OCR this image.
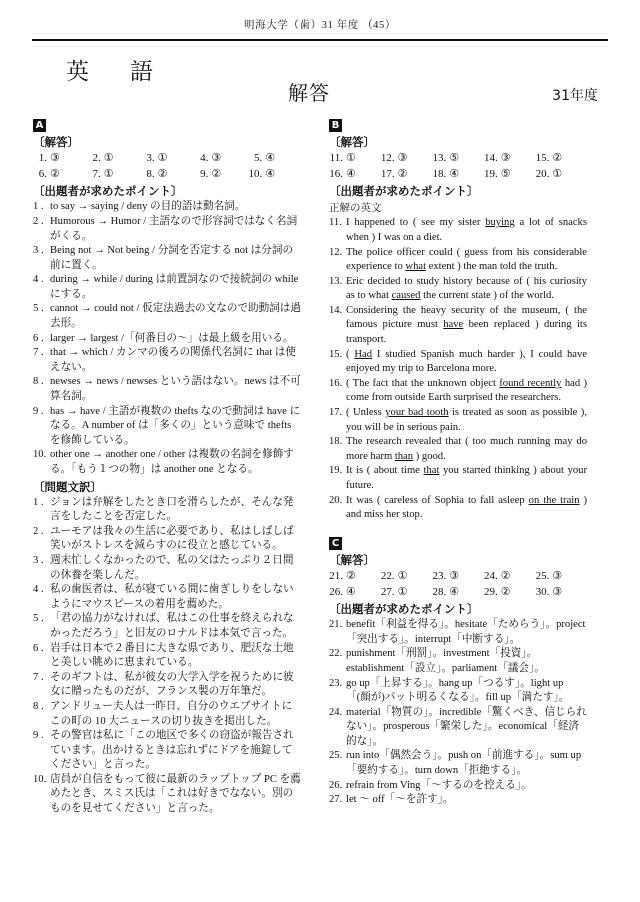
明海大学（歯）31 年度 （45）
英　語
解答	31年度
A
〔解答〕
1. ③	2. ①	3. ①	4. ③	5. ④
6. ②	7. ①	8. ②	9. ② 10. ④
〔出題者が求めたポイント〕
1 . to say → saying / deny の目的語は動名詞。
2 . Humorous → Humor / 主語なので形容詞ではなく名詞がくる。
3 . Being not → Not being / 分詞を否定する not は分詞の前に置く。
4 . during → while / during は前置詞なので接続詞の while にする。
5 . cannot → could not / 仮定法過去の文なので助動詞は過去形。
6 . larger → largest /「何番目の〜」は最上級を用いる。
7 . that → which / カンマの後ろの関係代名詞に that は使えない。
8 . newses → news / newses という語はない。news は不可算名詞。
9 . has → have / 主語が複数の thefts なので動詞は have になる。A number of は「多くの」という意味で thefts を修飾している。
10. other one → another one / other は複数の名詞を修飾する。「もう１つの物」は another one となる。
〔問題文訳〕
1 . ジョンは弁解をしたとき口を滑らしたが、そんな発言をしたことを否定した。
2 . ユーモアは我々の生活に必要であり、私はしばしば笑いがストレスを減らすのに役立と感じている。
3 . 週末忙しくなかったので、私の父はたっぷり２日間の休養を楽しんだ。
4 . 私の歯医者は、私が寝ている間に歯ぎしりをしないようにマウスピースの着用を薦めた。
5 . 「君の協力がなければ、私はこの仕事を終えられなかっただろう」と旧友のロナルドは本気で言った。
6 . 岩手は日本で２番目に大きな県であり、肥沃な土地と美しい眺めに恵まれている。
7 . そのギフトは、私が彼女の大学入学を祝うために彼女に贈ったものだが、フランス製の万年筆だ。
8 . アンドリュー夫人は一昨日、自分のウエブサイトにこの町の 10 大ニュースの切り抜きを掲出した。
9 . その警官は私に「この地区で多くの窃盗が報告されています。出かけるときは忘れずにドアを施錠してください」と言った。
10. 店員が自信をもって彼に最新のラップトップ PC を薦めたとき、スミス氏は「これは好きでなない。別のものを見せてください」と言った。
B
〔解答〕
11. ① 12. ③ 13. ⑤ 14. ③ 15. ②
16. ④ 17. ② 18. ④ 19. ⑤ 20. ①
〔出題者が求めたポイント〕
正解の英文
11. I happened to ( see my sister buying a lot of snacks when ) I was on a diet.
12. The police officer could ( guess from his considerable experience to what extent ) the man told the truth.
13. Eric decided to study history because of ( his curiosity as to what caused the current state ) of the world.
14. Considering the heavy security of the museum, ( the famous picture must have been replaced ) during its transport.
15. ( Had I studied Spanish much harder ), I could have enjoyed my trip to Barcelona more.
16. ( The fact that the unknown object found recently had ) come from outside Earth surprised the researchers.
17. ( Unless your bad tooth is treated as soon as possible ), you will be in serious pain.
18. The research revealed that ( too much running may do more harm than ) good.
19. It is ( about time that you started thinking ) about your future.
20. It was ( careless of Sophia to fall asleep on the train ) and miss her stop.
C
〔解答〕
21. ② 22. ① 23. ③ 24. ② 25. ③
26. ④ 27. ① 28. ④ 29. ② 30. ③
〔出題者が求めたポイント〕
21. benefit「利益を得る」。hesitate「ためらう」。project「突出する」。interrupt「中断する」。
22. punishment「刑罰」。investment「投資」。establishment「設立」。parliament「議会」。
23. go up「上昇する」。hang up「つるす」。light up「(顔が)パット明るくなる」。fill up「満たす」。
24. material「物質の」。incredible「驚くべき、信じられない」。prosperous「繁栄した」。economical「経済的な」。
25. run into「偶然会う」。push on「前進する」。sum up「要約する」。turn down「拒絶する」。
26. refrain from Ving「〜するのを控える」。
27. let 〜 off「〜を許す」。
